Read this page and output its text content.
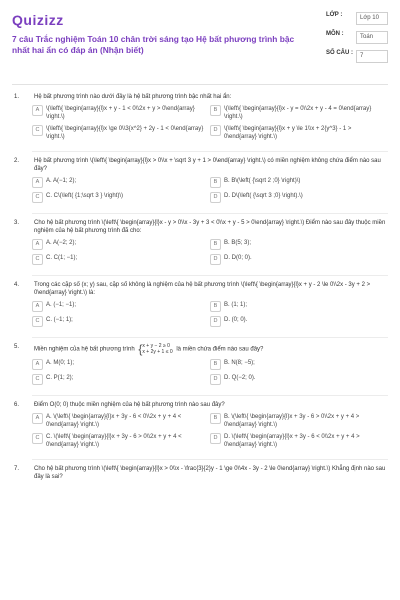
Quizizz
7 câu Trắc nghiệm Toán 10 chân trời sáng tạo Hệ bất phương trình bậc nhất hai ẩn có đáp án (Nhận biết)
LỚP :	Lớp 10
MÔN :	Toán
SỐ CÂU :	7
1.	Hệ bất phương trình nào dưới đây là hệ bất phương trình bậc nhất hai ẩn:
A	\(\left\{ \begin{array}{l}x + y - 1 < 0\\2x + y > 0\end{array} \right.\)
B	\(\left\{ \begin{array}{l}x - y = 0\\2x + y - 4 = 0\end{array} \right.\)
C	\(\left\{ \begin{array}{l}x \ge 0\\3{x^2} + 2y - 1 < 0\end{array} \right.\)
D	\(\left\{ \begin{array}{l}x + y \le 1\\x + 2{y^3} - 1 > 0\end{array} \right.\)
2.	Hệ bất phương trình \(\left\{ \begin{array}{l}x > 0\\x + \sqrt 3 y + 1 > 0\end{array} \right.\) có miền nghiệm không chứa điểm nào sau đây?
A	A. A(−1; 2);	B	B. B\(\left( {\sqrt 2 ;0} \right)\)
C	C. C\(\left( {1;\sqrt 3 } \right)\)	D	D. D\(\left( {\sqrt 3 ;0} \right).\)
3.	Cho hệ bất phương trình \(\left\{ \begin{array}{l}x - y > 0\\x - 3y + 3 < 0\\x + y - 5 > 0\end{array} \right.\) Điểm nào sau đây thuộc miền nghiệm của hệ bất phương trình đã cho:
A	A. A(−2; 2);	B	B. B(5; 3);
C	C. C(1; −1);	D	D. D(0; 0).
4.	Trong các cặp số (x; y) sau, cặp số không là nghiệm của hệ bất phương trình \(\left\{ \begin{array}{l}x + y - 2 \le 0\\2x - 3y + 2 > 0\end{array} \right.\) là:
A	A. (−1; −1);	B	B. (1; 1);
C	C. (−1; 1);	D	D. (0; 0).
5.	Miền nghiệm của hệ bất phương trình { x + y − 2 ≥ 0
x + 2y + 1 ≤ 0 là miền chứa điểm nào sau đây?
A	A. M(0; 1);	B	B. N(8; −5);
C	C. P(1; 2);	D	D. Q(−2; 0).
6.	Điểm O(0; 0) thuộc miền nghiệm của hệ bất phương trình nào sau đây?
A	A. \(\left\{ \begin{array}{l}x + 3y - 6 < 0\\2x + y + 4 < 0\end{array} \right.\)
B	B. \(\left\{ \begin{array}{l}x + 3y - 6 > 0\\2x + y + 4 > 0\end{array} \right.\)
C	C. \(\left\{ \begin{array}{l}x + 3y - 6 > 0\\2x + y + 4 < 0\end{array} \right.\)
D	D. \(\left\{ \begin{array}{l}x + 3y - 6 < 0\\2x + y + 4 > 0\end{array} \right.\)
7.	Cho hệ bất phương trình \(\left\{ \begin{array}{l}x > 0\\x - \frac{3}{2}y - 1 \ge 0\\4x - 3y - 2 \le 0\end{array} \right.\) Khẳng định nào sau đây là sai?
